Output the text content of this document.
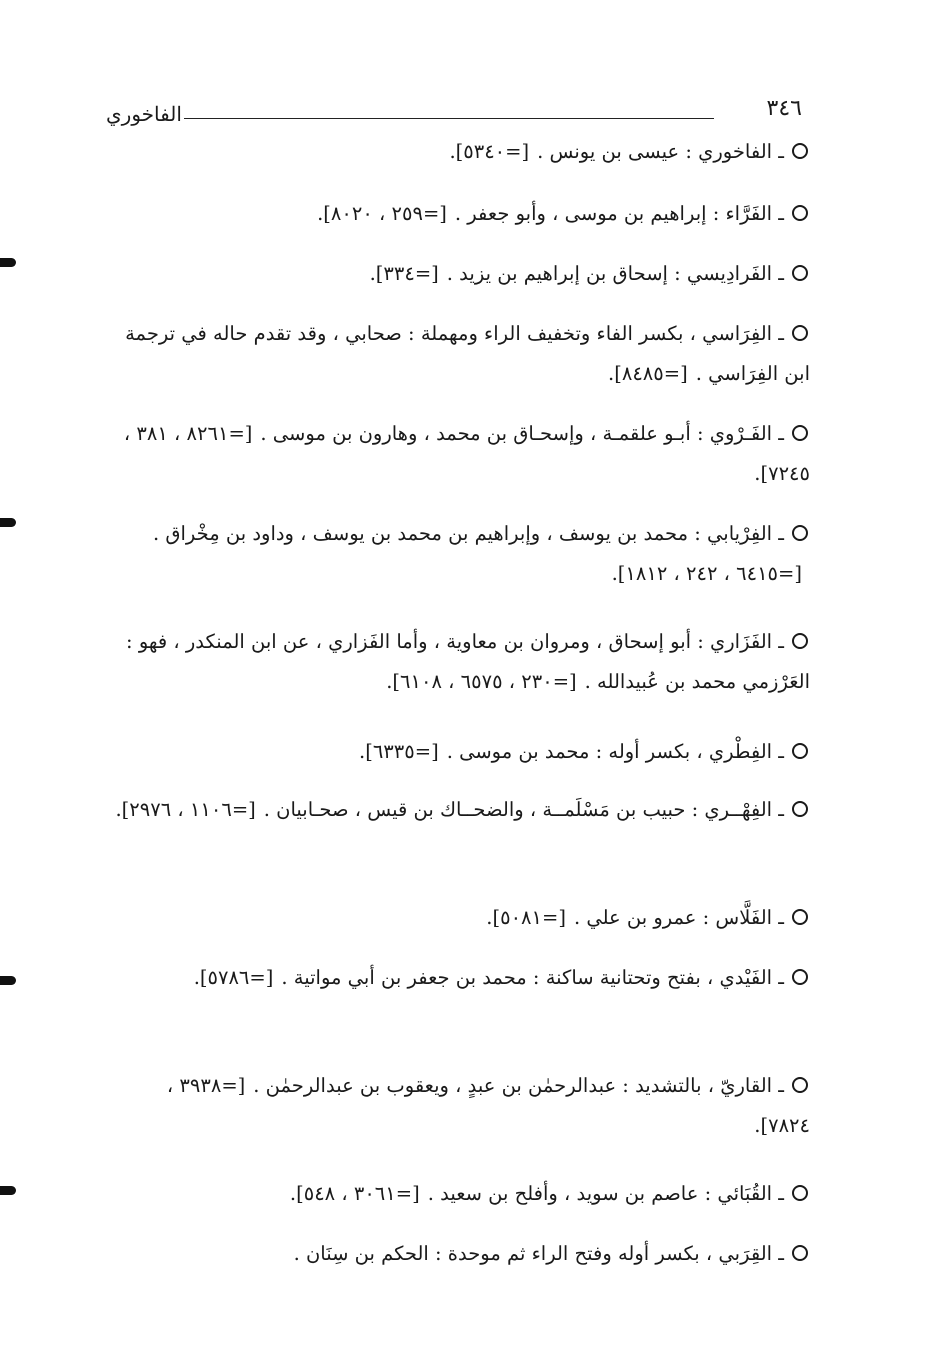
الفاخوري	٣٤٦

ـ الفاخوري : عيسى بن يونس .[=٥٣٤٠].

ـ الفَرَّاء : إبراهيم بن موسى ، وأبو جعفر .[=٢٥٩ ، ٨٠٢٠].

ـ الفَرادِيسي : إسحاق بن إبراهيم بن يزيد .[=٣٣٤].

ـ الفِرَاسي ، بكسر الفاء وتخفيف الراء ومهملة : صحابي ، وقد تقدم حاله في ترجمة ابن الفِرَاسي .[=٨٤٨٥].

ـ الفَـرْوي : أبـو علقمـة ، وإسحـاق بن محمد ، وهارون بن موسى .[=٨٢٦١ ، ٣٨١ ، ٧٢٤٥].

ـ الفِرْيابي : محمد بن يوسف ، وإبراهيم بن محمد بن يوسف ، وداود بن مِخْراق .[=٦٤١٥ ، ٢٤٢ ، ١٨١٢].

ـ الفَزَاري : أبو إسحاق ، ومروان بن معاوية ، وأما الفَزاري ، عن ابن المنكدر ، فهو : العَرْزمي محمد بن عُبيدالله .[=٢٣٠ ، ٦٥٧٥ ، ٦١٠٨].

ـ الفِطْري ، بكسر أوله : محمد بن موسى .[=٦٣٣٥].

ـ الفِهْــري : حبيب بن مَسْلَمــة ، والضحــاك بن قيس ، صحـابيان .[=١١٠٦ ، ٢٩٧٦].

ـ الفَلَّاس : عمرو بن علي .[=٥٠٨١].

ـ الفَيْدي ، بفتح وتحتانية ساكنة : محمد بن جعفر بن أبي مواتية .[=٥٧٨٦].

ـ القاريّ ، بالتشديد : عبدالرحمٰن بن عبدٍ ، ويعقوب بن عبدالرحمٰن .[=٣٩٣٨ ، ٧٨٢٤].

ـ القُبَائي : عاصم بن سويد ، وأفلح بن سعيد .[=٣٠٦١ ، ٥٤٨].

ـ القِرَبي ، بكسر أوله وفتح الراء ثم موحدة : الحكم بن سِنَان .
